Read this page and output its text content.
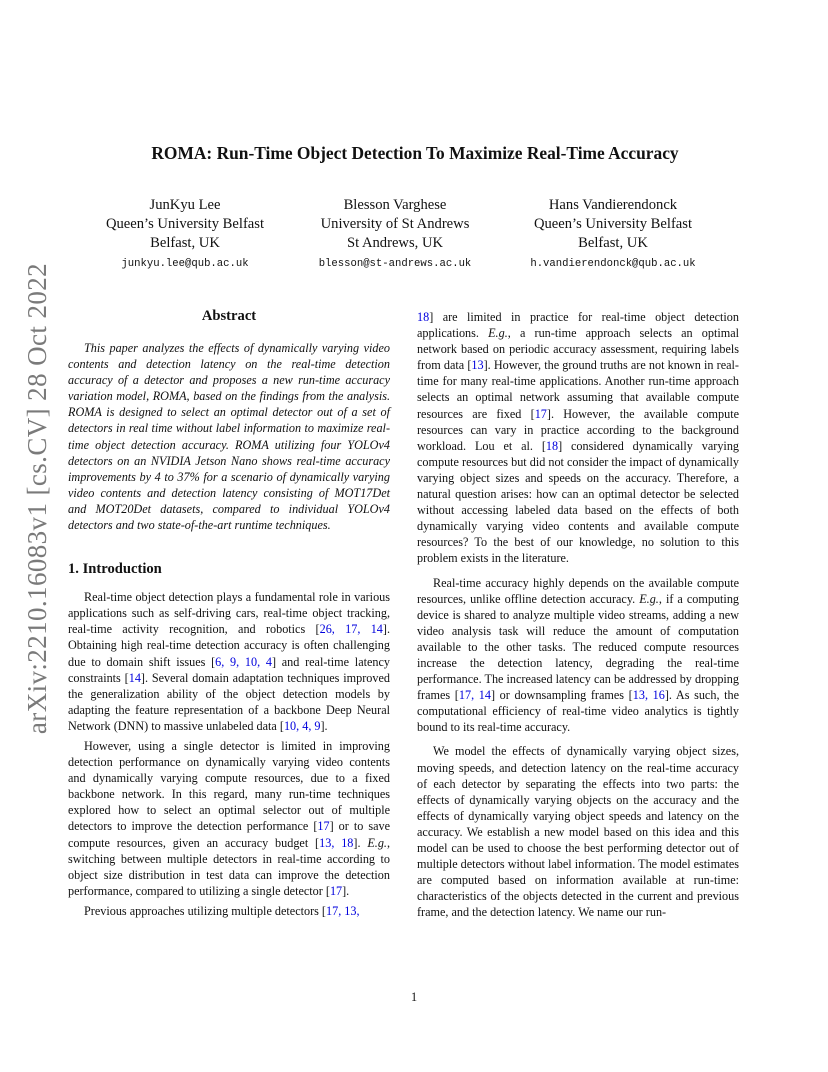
arXiv:2210.16083v1 [cs.CV] 28 Oct 2022
ROMA: Run-Time Object Detection To Maximize Real-Time Accuracy
JunKyu Lee
Queen’s University Belfast
Belfast, UK
junkyu.lee@qub.ac.uk
Blesson Varghese
University of St Andrews
St Andrews, UK
blesson@st-andrews.ac.uk
Hans Vandierendonck
Queen’s University Belfast
Belfast, UK
h.vandierendonck@qub.ac.uk
Abstract

This paper analyzes the effects of dynamically varying video contents and detection latency on the real-time detection accuracy of a detector and proposes a new run-time accuracy variation model, ROMA, based on the findings from the analysis. ROMA is designed to select an optimal detector out of a set of detectors in real time without label information to maximize real-time object detection accuracy. ROMA utilizing four YOLOv4 detectors on an NVIDIA Jetson Nano shows real-time accuracy improvements by 4 to 37% for a scenario of dynamically varying video contents and detection latency consisting of MOT17Det and MOT20Det datasets, compared to individual YOLOv4 detectors and two state-of-the-art runtime techniques.

1. Introduction

Real-time object detection plays a fundamental role in various applications such as self-driving cars, real-time object tracking, real-time activity recognition, and robotics [26, 17, 14]. Obtaining high real-time detection accuracy is often challenging due to domain shift issues [6, 9, 10, 4] and real-time latency constraints [14]. Several domain adaptation techniques improved the generalization ability of the object detection models by adapting the feature representation of a backbone Deep Neural Network (DNN) to massive unlabeled data [10, 4, 9].

However, using a single detector is limited in improving detection performance on dynamically varying video contents and dynamically varying compute resources, due to a fixed backbone network. In this regard, many run-time techniques explored how to select an optimal selector out of multiple detectors to improve the detection performance [17] or to save compute resources, given an accuracy budget [13, 18]. E.g., switching between multiple detectors in real-time according to object size distribution in test data can improve the detection performance, compared to utilizing a single detector [17].

Previous approaches utilizing multiple detectors [17, 13,

18] are limited in practice for real-time object detection applications. E.g., a run-time approach selects an optimal network based on periodic accuracy assessment, requiring labels from data [13]. However, the ground truths are not known in real-time for many real-time applications. Another run-time approach selects an optimal network assuming that available compute resources are fixed [17]. However, the available compute resources can vary in practice according to the background workload. Lou et al. [18] considered dynamically varying compute resources but did not consider the impact of dynamically varying object sizes and speeds on the accuracy. Therefore, a natural question arises: how can an optimal detector be selected without accessing labeled data based on the effects of both dynamically varying video contents and available compute resources? To the best of our knowledge, no solution to this problem exists in the literature.

Real-time accuracy highly depends on the available compute resources, unlike offline detection accuracy. E.g., if a computing device is shared to analyze multiple video streams, adding a new video analysis task will reduce the amount of computation available to the other tasks. The reduced compute resources increase the detection latency, degrading the real-time performance. The increased latency can be addressed by dropping frames [17, 14] or downsampling frames [13, 16]. As such, the computational efficiency of real-time video analytics is tightly bound to its real-time accuracy.

We model the effects of dynamically varying object sizes, moving speeds, and detection latency on the real-time accuracy of each detector by separating the effects into two parts: the effects of dynamically varying objects on the accuracy and the effects of dynamically varying object speeds and latency on the accuracy. We establish a new model based on this idea and this model can be used to choose the best performing detector out of multiple detectors without label information. The model estimates are computed based on information available at run-time: characteristics of the objects detected in the current and previous frame, and the detection latency. We name our run-

1
